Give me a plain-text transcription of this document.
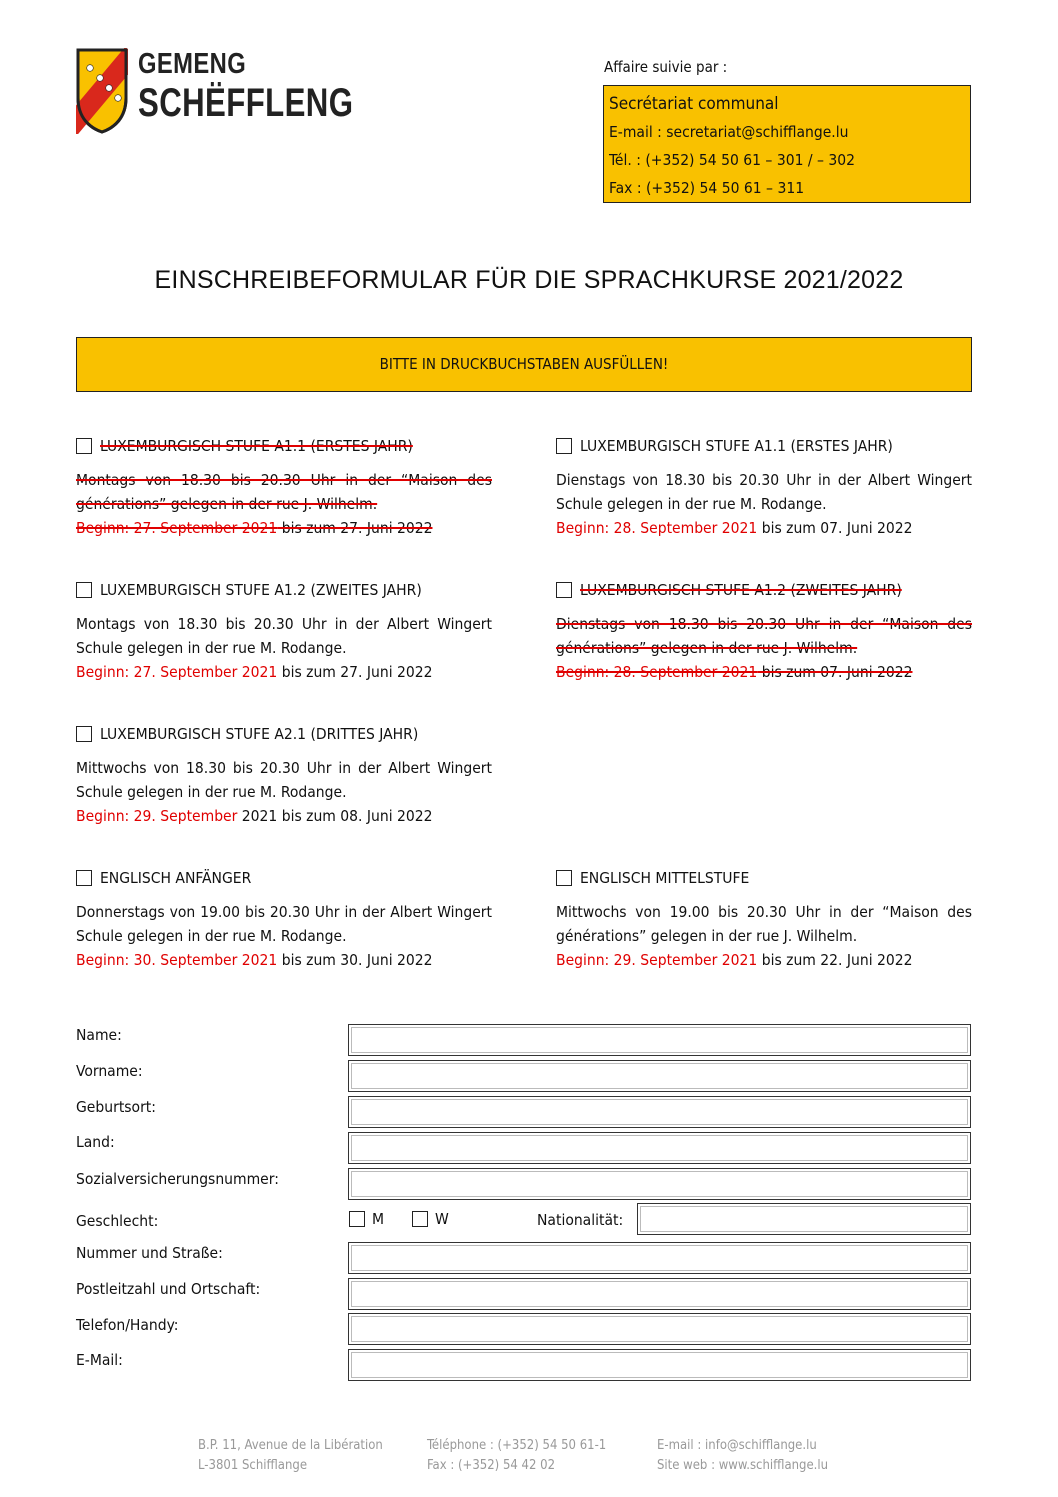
GEMENG
SCHËFFLENG
Affaire suivie par :
Secrétariat communal
E-mail : secretariat@schifflange.lu
Tél. : (+352) 54 50 61 – 301 / – 302
Fax : (+352) 54 50 61 – 311
EINSCHREIBEFORMULAR FÜR DIE SPRACHKURSE 2021/2022
BITTE IN DRUCKBUCHSTABEN AUSFÜLLEN!
LUXEMBURGISCH STUFE A1.1 (ERSTES JAHR)
Montags von 18.30 bis 20.30 Uhr in der “Maison des générations” gelegen in der rue J. Wilhelm.
Beginn: 27. September 2021 bis zum 27. Juni 2022
LUXEMBURGISCH STUFE A1.1 (ERSTES JAHR)
Dienstags von 18.30 bis 20.30 Uhr in der Albert Wingert Schule gelegen in der rue M. Rodange.
Beginn: 28. September 2021 bis zum 07. Juni 2022
LUXEMBURGISCH STUFE A1.2 (ZWEITES JAHR)
Montags von 18.30 bis 20.30 Uhr in der Albert Wingert Schule gelegen in der rue M. Rodange.
Beginn: 27. September 2021 bis zum 27. Juni 2022
LUXEMBURGISCH STUFE A1.2 (ZWEITES JAHR)
Dienstags von 18.30 bis 20.30 Uhr in der “Maison des générations” gelegen in der rue J. Wilhelm.
Beginn: 28. September 2021 bis zum 07. Juni 2022
LUXEMBURGISCH STUFE A2.1 (DRITTES JAHR)
Mittwochs von 18.30 bis 20.30 Uhr in der Albert Wingert Schule gelegen in der rue M. Rodange.
Beginn: 29. September 2021 bis zum 08. Juni 2022
ENGLISCH ANFÄNGER
Donnerstags von 19.00 bis 20.30 Uhr in der Albert Wingert Schule gelegen in der rue M. Rodange.
Beginn: 30. September 2021 bis zum 30. Juni 2022
ENGLISCH MITTELSTUFE
Mittwochs von 19.00 bis 20.30 Uhr in der “Maison des générations” gelegen in der rue J. Wilhelm.
Beginn: 29. September 2021 bis zum 22. Juni 2022
Name:
Vorname:
Geburtsort:
Land:
Sozialversicherungsnummer:
Geschlecht:	M	W	Nationalität:
Nummer und Straße:
Postleitzahl und Ortschaft:
Telefon/Handy:
E-Mail:
B.P. 11, Avenue de la Libération
L-3801 Schifflange
Téléphone : (+352) 54 50 61-1
Fax : (+352) 54 42 02
E-mail : info@schifflange.lu
Site web : www.schifflange.lu
